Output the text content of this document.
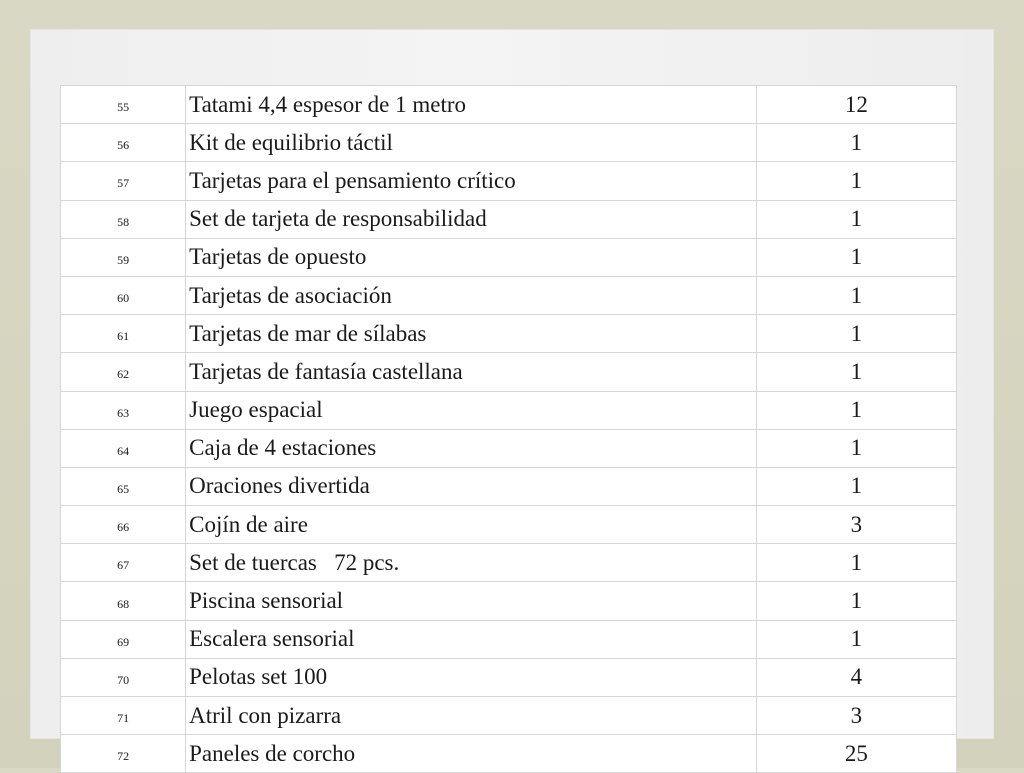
55	Tatami 4,4 espesor de 1 metro	12
56	Kit de equilibrio táctil	1
57	Tarjetas para el pensamiento crítico	1
58	Set de tarjeta de responsabilidad	1
59	Tarjetas de opuesto	1
60	Tarjetas de asociación	1
61	Tarjetas de mar de sílabas	1
62	Tarjetas de fantasía castellana	1
63	Juego espacial	1
64	Caja de 4 estaciones	1
65	Oraciones divertida	1
66	Cojín de aire	3
67	Set de tuercas   72 pcs.	1
68	Piscina sensorial	1
69	Escalera sensorial	1
70	Pelotas set 100	4
71	Atril con pizarra	3
72	Paneles de corcho	25
